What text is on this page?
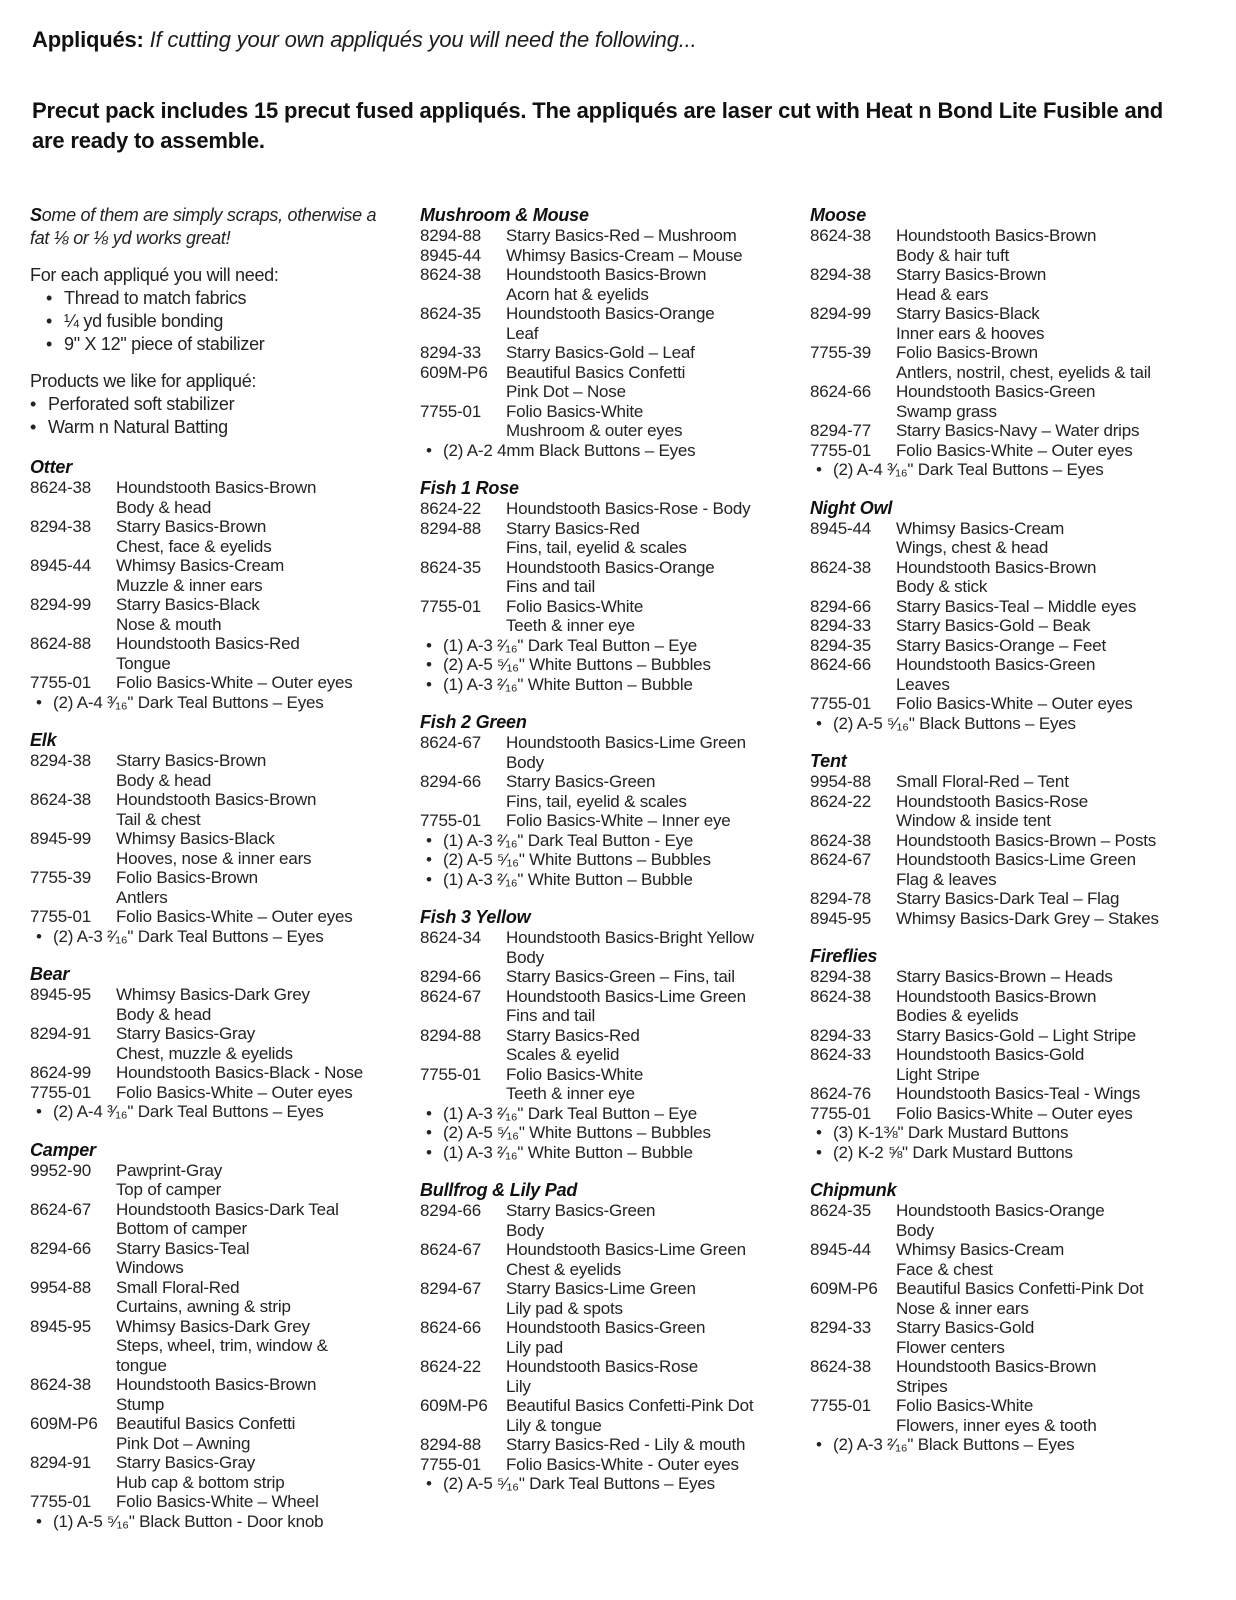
Appliqués: If cutting your own appliqués you will need the following...

Precut pack includes 15 precut fused appliqués. The appliqués are laser cut with Heat n Bond Lite Fusible and are ready to assemble.

Some of them are simply scraps, otherwise a fat ⅛ or ⅛ yd works great!

For each appliqué you will need:

• Thread to match fabrics
• ¼ yd fusible bonding
• 9" X 12" piece of stabilizer

Products we like for appliqué:

• Perforated soft stabilizer
• Warm n Natural Batting
Otter
8624-38	Houndstooth Basics-Brown
Body & head
8294-38	Starry Basics-Brown
Chest, face & eyelids
8945-44	Whimsy Basics-Cream
Muzzle & inner ears
8294-99	Starry Basics-Black
Nose & mouth
8624-88	Houndstooth Basics-Red
Tongue
7755-01	Folio Basics-White – Outer eyes
• (2) A-4 ³⁄₁₆" Dark Teal Buttons – Eyes
Elk
8294-38	Starry Basics-Brown
Body & head
8624-38	Houndstooth Basics-Brown
Tail & chest
8945-99	Whimsy Basics-Black
Hooves, nose & inner ears
7755-39	Folio Basics-Brown
Antlers
7755-01	Folio Basics-White – Outer eyes
• (2) A-3 ²⁄₁₆" Dark Teal Buttons – Eyes
Bear
8945-95	Whimsy Basics-Dark Grey
Body & head
8294-91	Starry Basics-Gray
Chest, muzzle & eyelids
8624-99	Houndstooth Basics-Black - Nose
7755-01	Folio Basics-White – Outer eyes
• (2) A-4 ³⁄₁₆" Dark Teal Buttons – Eyes
Camper
9952-90	Pawprint-Gray
Top of camper
8624-67	Houndstooth Basics-Dark Teal
Bottom of camper
8294-66	Starry Basics-Teal
Windows
9954-88	Small Floral-Red
Curtains, awning & strip
8945-95	Whimsy Basics-Dark Grey
Steps, wheel, trim, window &
tongue
8624-38	Houndstooth Basics-Brown
Stump
609M-P6	Beautiful Basics Confetti
Pink Dot – Awning
8294-91	Starry Basics-Gray
Hub cap & bottom strip
7755-01	Folio Basics-White – Wheel
• (1) A-5 ⁵⁄₁₆" Black Button - Door knob
Mushroom & Mouse
8294-88	Starry Basics-Red – Mushroom
8945-44	Whimsy Basics-Cream – Mouse
8624-38	Houndstooth Basics-Brown
Acorn hat & eyelids
8624-35	Houndstooth Basics-Orange
Leaf
8294-33	Starry Basics-Gold – Leaf
609M-P6	Beautiful Basics Confetti
Pink Dot – Nose
7755-01	Folio Basics-White
Mushroom & outer eyes
• (2) A-2 4mm Black Buttons – Eyes
Fish 1 Rose
8624-22	Houndstooth Basics-Rose - Body
8294-88	Starry Basics-Red
Fins, tail, eyelid & scales
8624-35	Houndstooth Basics-Orange
Fins and tail
7755-01	Folio Basics-White
Teeth & inner eye
• (1) A-3 ²⁄₁₆" Dark Teal Button – Eye
• (2) A-5 ⁵⁄₁₆" White Buttons – Bubbles
• (1) A-3 ²⁄₁₆" White Button – Bubble
Fish 2 Green
8624-67	Houndstooth Basics-Lime Green
Body
8294-66	Starry Basics-Green
Fins, tail, eyelid & scales
7755-01	Folio Basics-White – Inner eye
• (1) A-3 ²⁄₁₆" Dark Teal Button - Eye
• (2) A-5 ⁵⁄₁₆" White Buttons – Bubbles
• (1) A-3 ²⁄₁₆" White Button – Bubble
Fish 3 Yellow
8624-34	Houndstooth Basics-Bright Yellow
Body
8294-66	Starry Basics-Green – Fins, tail
8624-67	Houndstooth Basics-Lime Green
Fins and tail
8294-88	Starry Basics-Red
Scales & eyelid
7755-01	Folio Basics-White
Teeth & inner eye
• (1) A-3 ²⁄₁₆" Dark Teal Button – Eye
• (2) A-5 ⁵⁄₁₆" White Buttons – Bubbles
• (1) A-3 ²⁄₁₆" White Button – Bubble
Bullfrog & Lily Pad
8294-66	Starry Basics-Green
Body
8624-67	Houndstooth Basics-Lime Green
Chest & eyelids
8294-67	Starry Basics-Lime Green
Lily pad & spots
8624-66	Houndstooth Basics-Green
Lily pad
8624-22	Houndstooth Basics-Rose
Lily
609M-P6	Beautiful Basics Confetti-Pink Dot
Lily & tongue
8294-88	Starry Basics-Red - Lily & mouth
7755-01	Folio Basics-White - Outer eyes
• (2) A-5 ⁵⁄₁₆" Dark Teal Buttons – Eyes
Moose
8624-38	Houndstooth Basics-Brown
Body & hair tuft
8294-38	Starry Basics-Brown
Head & ears
8294-99	Starry Basics-Black
Inner ears & hooves
7755-39	Folio Basics-Brown
Antlers, nostril, chest, eyelids & tail
8624-66	Houndstooth Basics-Green
Swamp grass
8294-77	Starry Basics-Navy – Water drips
7755-01	Folio Basics-White – Outer eyes
• (2) A-4 ³⁄₁₆" Dark Teal Buttons – Eyes
Night Owl
8945-44	Whimsy Basics-Cream
Wings, chest & head
8624-38	Houndstooth Basics-Brown
Body & stick
8294-66	Starry Basics-Teal – Middle eyes
8294-33	Starry Basics-Gold – Beak
8294-35	Starry Basics-Orange – Feet
8624-66	Houndstooth Basics-Green
Leaves
7755-01	Folio Basics-White – Outer eyes
• (2) A-5 ⁵⁄₁₆" Black Buttons – Eyes
Tent
9954-88	Small Floral-Red – Tent
8624-22	Houndstooth Basics-Rose
Window & inside tent
8624-38	Houndstooth Basics-Brown – Posts
8624-67	Houndstooth Basics-Lime Green
Flag & leaves
8294-78	Starry Basics-Dark Teal – Flag
8945-95	Whimsy Basics-Dark Grey – Stakes
Fireflies
8294-38	Starry Basics-Brown – Heads
8624-38	Houndstooth Basics-Brown
Bodies & eyelids
8294-33	Starry Basics-Gold – Light Stripe
8624-33	Houndstooth Basics-Gold
Light Stripe
8624-76	Houndstooth Basics-Teal - Wings
7755-01	Folio Basics-White – Outer eyes
• (3) K-1⅜" Dark Mustard Buttons
• (2) K-2 ⅝" Dark Mustard Buttons
Chipmunk
8624-35	Houndstooth Basics-Orange
Body
8945-44	Whimsy Basics-Cream
Face & chest
609M-P6	Beautiful Basics Confetti-Pink Dot
Nose & inner ears
8294-33	Starry Basics-Gold
Flower centers
8624-38	Houndstooth Basics-Brown
Stripes
7755-01	Folio Basics-White
Flowers, inner eyes & tooth
• (2) A-3 ²⁄₁₆" Black Buttons – Eyes
